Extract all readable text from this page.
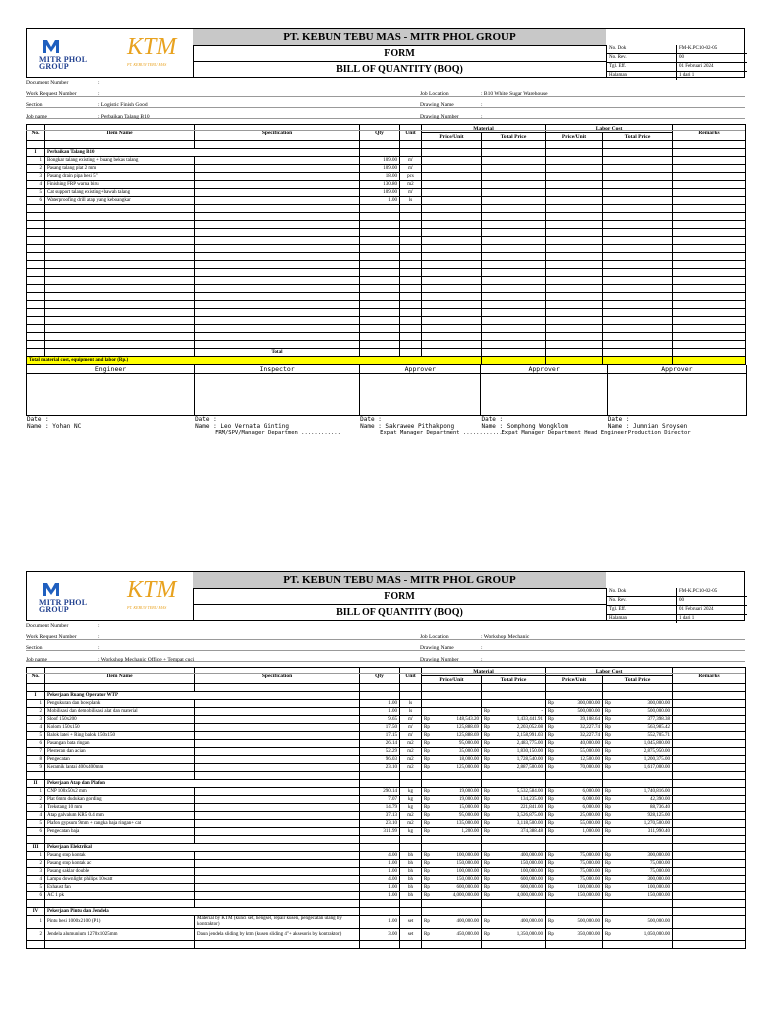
MITR PHOL
GROUP
KTM
PT. KEBUN TEBU MAS
PT. KEBUN TEBU MAS - MITR PHOL GROUP
FORM
BILL OF QUANTITY (BOQ)
No. Dok	FM-K.PC10-02-05
No. Rev.	00
Tgl. Eff.	01 Februari 2024
Halaman	1 dari 1
Document Number	:
Work Request Number	:	Job Location	: B10 White Sugar Warehouse
Section	: Logistic Finish Good	Drawing Name	:
Job name	: Perbaikan Talang B10	Drawing Number	:
No.	Item Name	Specification	Qty	Unit	Material		Labor Cost		Remarks
					Price/Unit	Total Price	Price/Unit	Total Price	

I	Perbaikan Talang B10								
1	Bongkar talang existing + buang bekas talang		109.00	m'					
2	Pasang talang plat 2 mm		109.00	m'					
3	Pasang drain pipa besi 5"		18.00	pcs					
4	Finishing FRP warna biru		130.80	m2					
5	Cat support talang existing+bawah talang		109.00	m'					
6	Waterproofing drill atap yang keboangkar		1.00	ls					

		Total							
Total material cost, equipment and labor (Rp.)									
Engineer
Date :
Name : Yohan NC
Inspector
Date :
Name : Leo Vernata Ginting
FRM/SPV/Manager Departmen ............
Approver
Date :
Name : Sakrawee Pithakpong
Expat Manager Department ............
Approver
Date :
Name : Somphong Wongklom
Expat Manager Department Head Engineer
Approver
Date :
Name : Jumnian Sroysen
Production Director
MITR PHOL
GROUP
KTM
PT. KEBUN TEBU MAS
PT. KEBUN TEBU MAS - MITR PHOL GROUP
FORM
BILL OF QUANTITY (BOQ)
No. Dok	FM-K.PC10-02-05
No. Rev.	00
Tgl. Eff.	01 Februari 2024
Halaman	1 dari 1
Document Number	:
Work Request Number	:	Job Location	: Workshop Mechanic
Section	:	Drawing Name	:
Job name	: Workshop Mechanic Office + Tempat cuci	Drawing Number	:
No.	Item Name	Specification	Qty	Unit	Material		Labor Cost		Remarks
					Price/Unit	Total Price	Price/Unit	Total Price	

I	Pekerjaan Ruang Operator WTP								
1	Pengukuran dan bowplank		1.00	ls			Rp 300,000.00	Rp 300,000.00	
2	Mobilisasi dan demobilisasi alat dan material		1.00	ls		Rp -	Rp 500,000.00	Rp 500,000.00	
3	Sloof 150x200		9.65	m'	Rp 148,543.20	Rp 1,433,441.91	Rp 39,108.64	Rp 377,398.38	
4	Kolom 150x150		17.50	m'	Rp 125,888.69	Rp 2,203,052.08	Rp 32,227.74	Rp 563,985.42	
5	Balok latei + Ring balok 150x150		17.15	m'	Rp 125,888.69	Rp 2,158,991.03	Rp 32,227.74	Rp 552,705.71	
6	Pasangan bata ringan		26.14	m2	Rp 95,000.00	Rp 2,483,775.00	Rp 40,000.00	Rp 1,045,800.00	
7	Plesteran dan acian		52.29	m2	Rp 35,000.00	Rp 1,830,150.00	Rp 55,000.00	Rp 2,875,950.00	
8	Pengecatan		96.03	m2	Rp 18,000.00	Rp 1,728,540.00	Rp 12,500.00	Rp 1,200,375.00	
9	Keramik lantai 400x400mm		23.10	m2	Rp 125,000.00	Rp 2,887,500.00	Rp 70,000.00	Rp 1,617,000.00	

II	Pekerjaan Atap dan Plafon								
1	CNP 100x50x2 mm		290.14	kg	Rp 19,000.00	Rp 5,532,584.00	Rp 6,000.00	Rp 1,740,816.00	
2	Plat 6mm dudukan gording		7.07	kg	Rp 19,000.00	Rp 134,235.00	Rp 6,000.00	Rp 42,390.00	
3	Trekstang 10 mm		14.79	kg	Rp 15,000.00	Rp 221,841.00	Rp 6,000.00	Rp 88,736.40	
4	Atap galvalum KR5 0.4 mm		37.13	m2	Rp 95,000.00	Rp 3,526,875.00	Rp 25,000.00	Rp 928,125.00	
5	Plafon gypsum 9mm + rangka baja ringan+ cat		23.10	m2	Rp 135,000.00	Rp 3,118,500.00	Rp 55,000.00	Rp 1,270,500.00	
6	Pengecatan baja		311.99	kg	Rp 1,200.00	Rp 374,388.48	Rp 1,000.00	Rp 311,990.40	

III	Pekerjaan Elektrikal								
1	Pasang stop kontak		4.00	bh	Rp 100,000.00	Rp 400,000.00	Rp 75,000.00	Rp 300,000.00	
2	Pasang stop kontak ac		1.00	bh	Rp 150,000.00	Rp 150,000.00	Rp 75,000.00	Rp 75,000.00	
3	Pasang saklar double		1.00	bh	Rp 100,000.00	Rp 100,000.00	Rp 75,000.00	Rp 75,000.00	
4	Lampu downlight philips 10watt		4.00	bh	Rp 150,000.00	Rp 600,000.00	Rp 75,000.00	Rp 300,000.00	
5	Exhaust fan		1.00	bh	Rp 600,000.00	Rp 600,000.00	Rp 100,000.00	Rp 100,000.00	
6	AC 1 pk		1.00	bh	Rp 4,000,000.00	Rp 4,000,000.00	Rp 150,000.00	Rp 150,000.00	

IV	Pekerjaan Pintu dan Jendela								
1	Pintu besi 1000x2100 (P1)	Material by KTM (kunci set, hengsel, repair kusen, pengecatan ulang by kontraktor)	1.00	set	Rp 400,000.00	Rp 400,000.00	Rp 500,000.00	Rp 500,000.00	
2	Jendela alumunium 1270x1025mm	Daun jendela sliding by ktm (kusen sliding 4"+ aksesoris by kontraktor)	3.00	set	Rp 450,000.00	Rp 1,350,000.00	Rp 350,000.00	Rp 1,050,000.00	
